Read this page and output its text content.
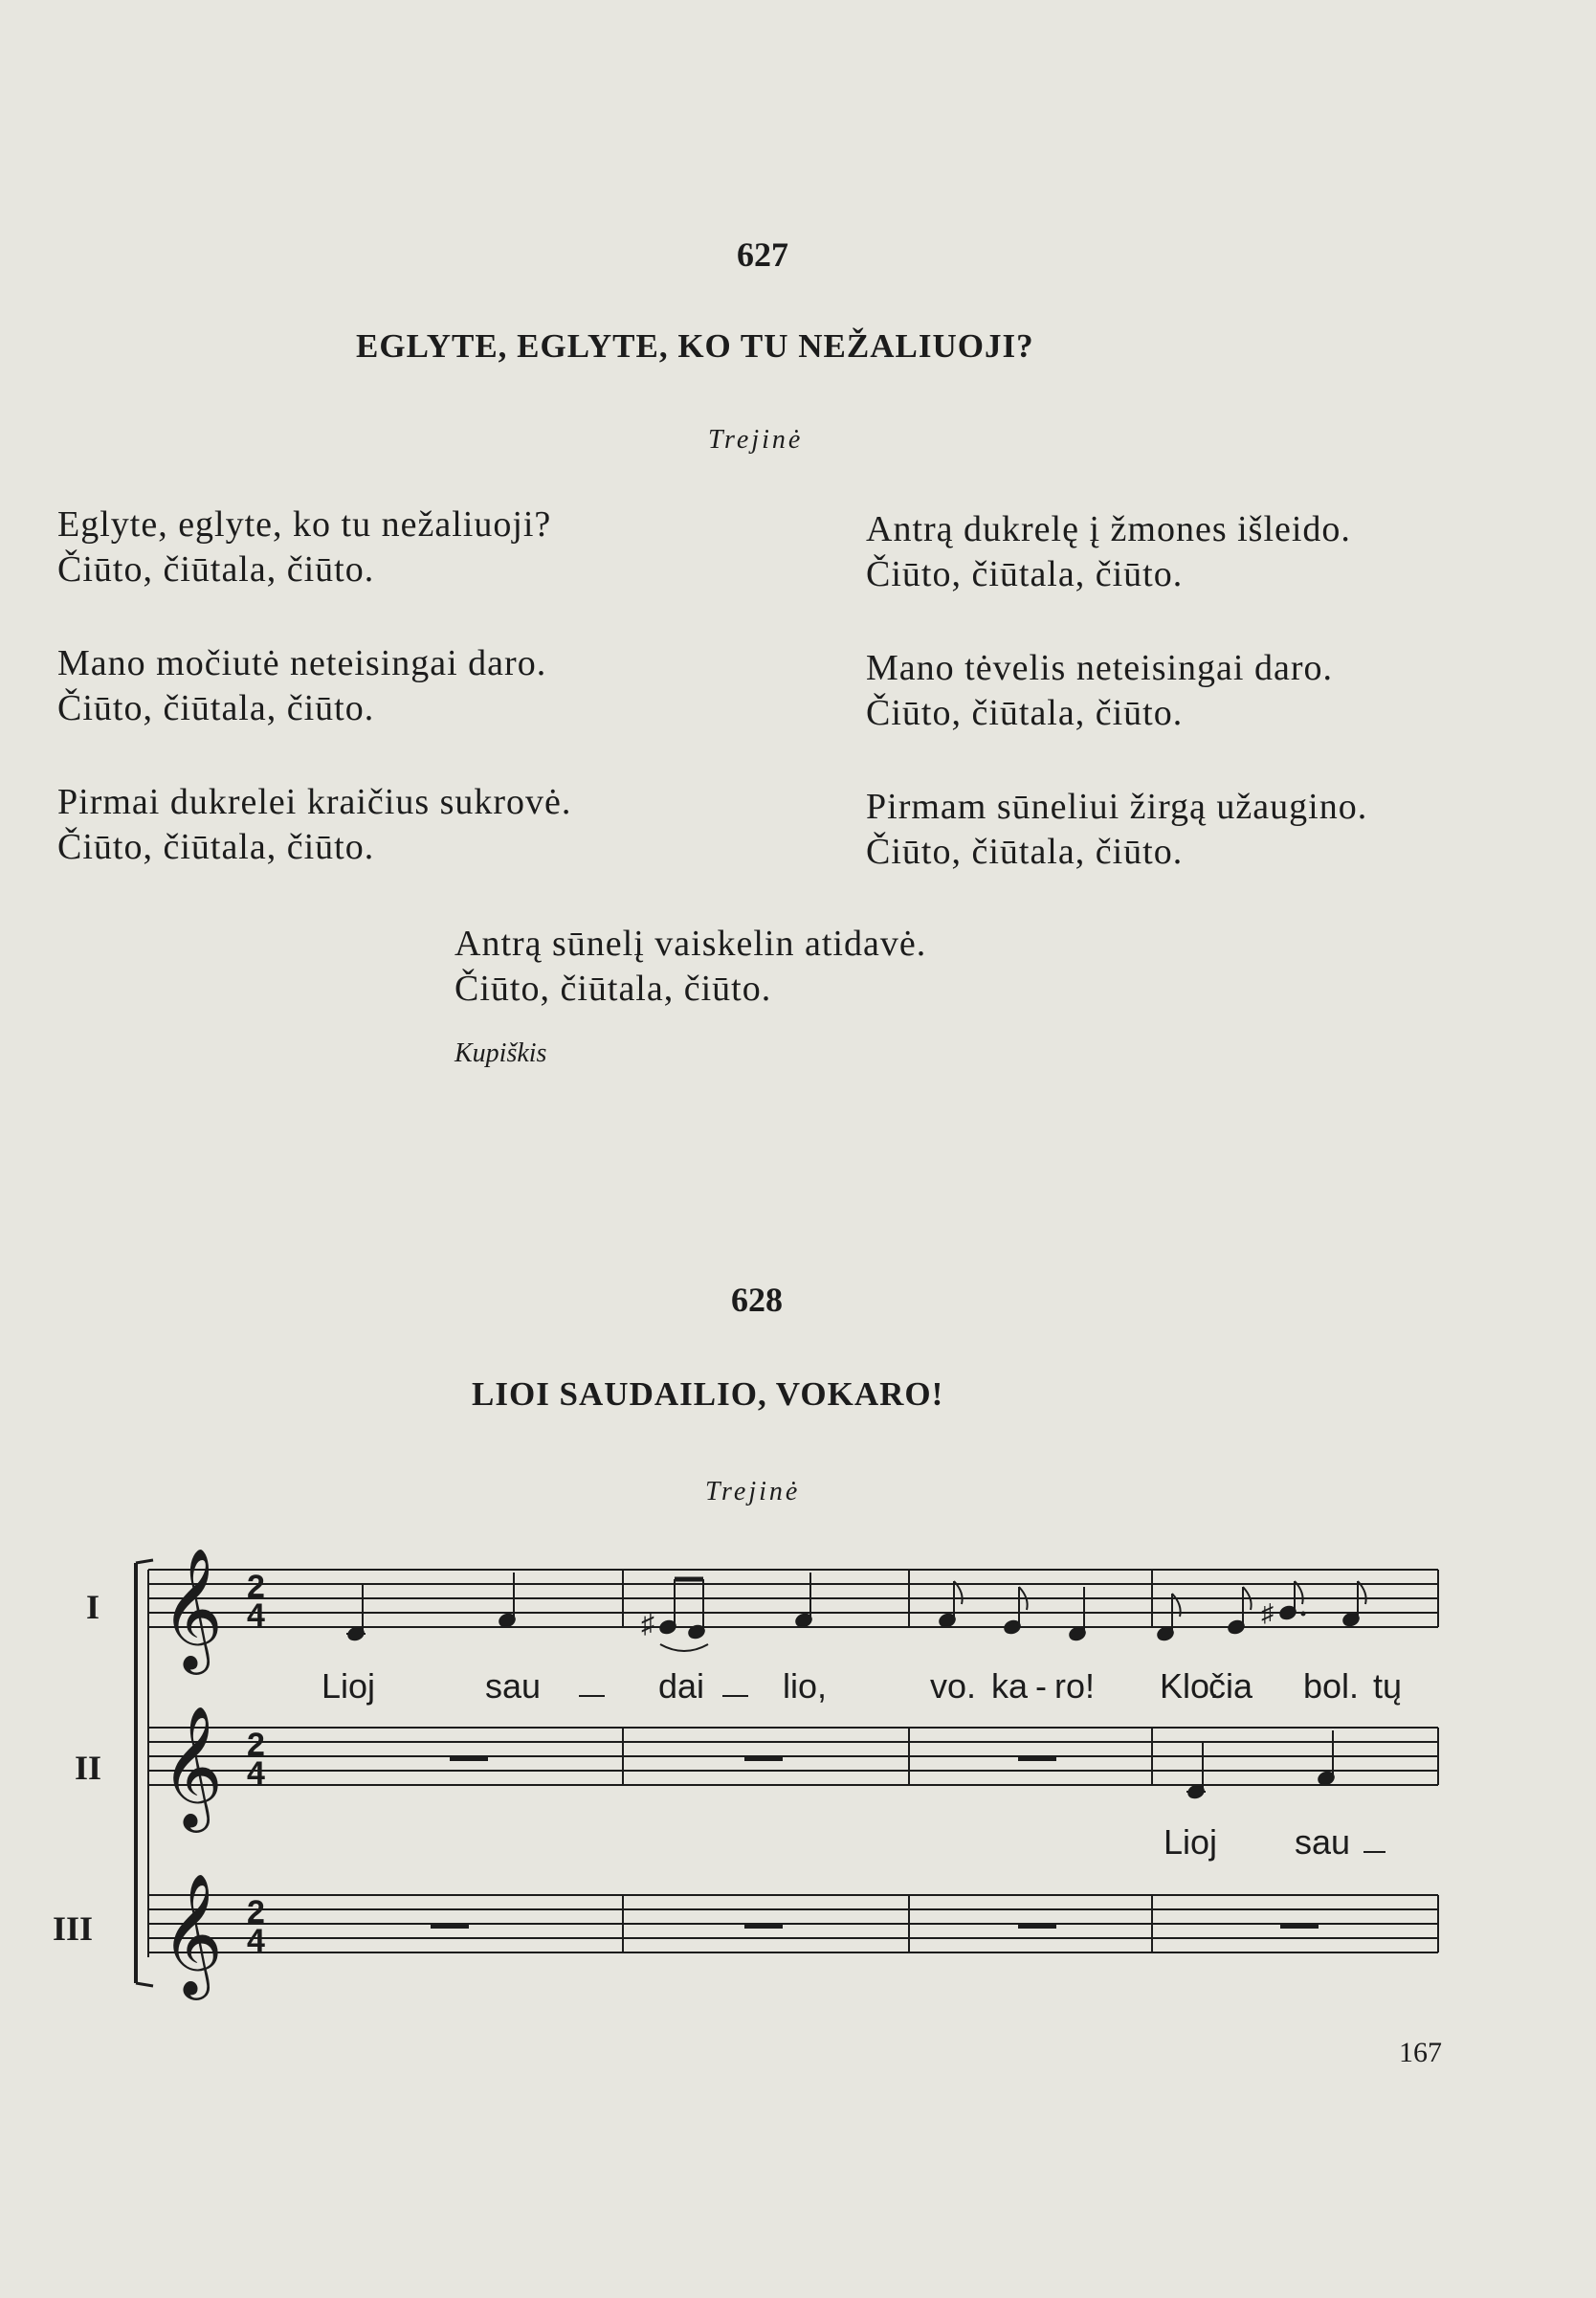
627
EGLYTE, EGLYTE, KO TU NEŽALIUOJI?
Trejinė
Eglyte, eglyte, ko tu nežaliuoji?
Čiūto, čiūtala, čiūto.
Mano močiutė neteisingai daro.
Čiūto, čiūtala, čiūto.
Pirmai dukrelei kraičius sukrovė.
Čiūto, čiūtala, čiūto.
Antrą dukrelę į žmones išleido.
Čiūto, čiūtala, čiūto.
Mano tėvelis neteisingai daro.
Čiūto, čiūtala, čiūto.
Pirmam sūneliui žirgą užaugino.
Čiūto, čiūtala, čiūto.
Antrą sūnelį vaiskelin atidavė.
Čiūto, čiūtala, čiūto.
Kupiškis
628
LIOI SAUDAILIO, VOKARO!
Trejinė
I
II
III
𝄞
𝄞
𝄞
2
4
2
4
2
4
♯	♯
Lioj	sau	dai lio,	vo. ka - ro! Klo.
čia bol. tų
Lioj sau
167
